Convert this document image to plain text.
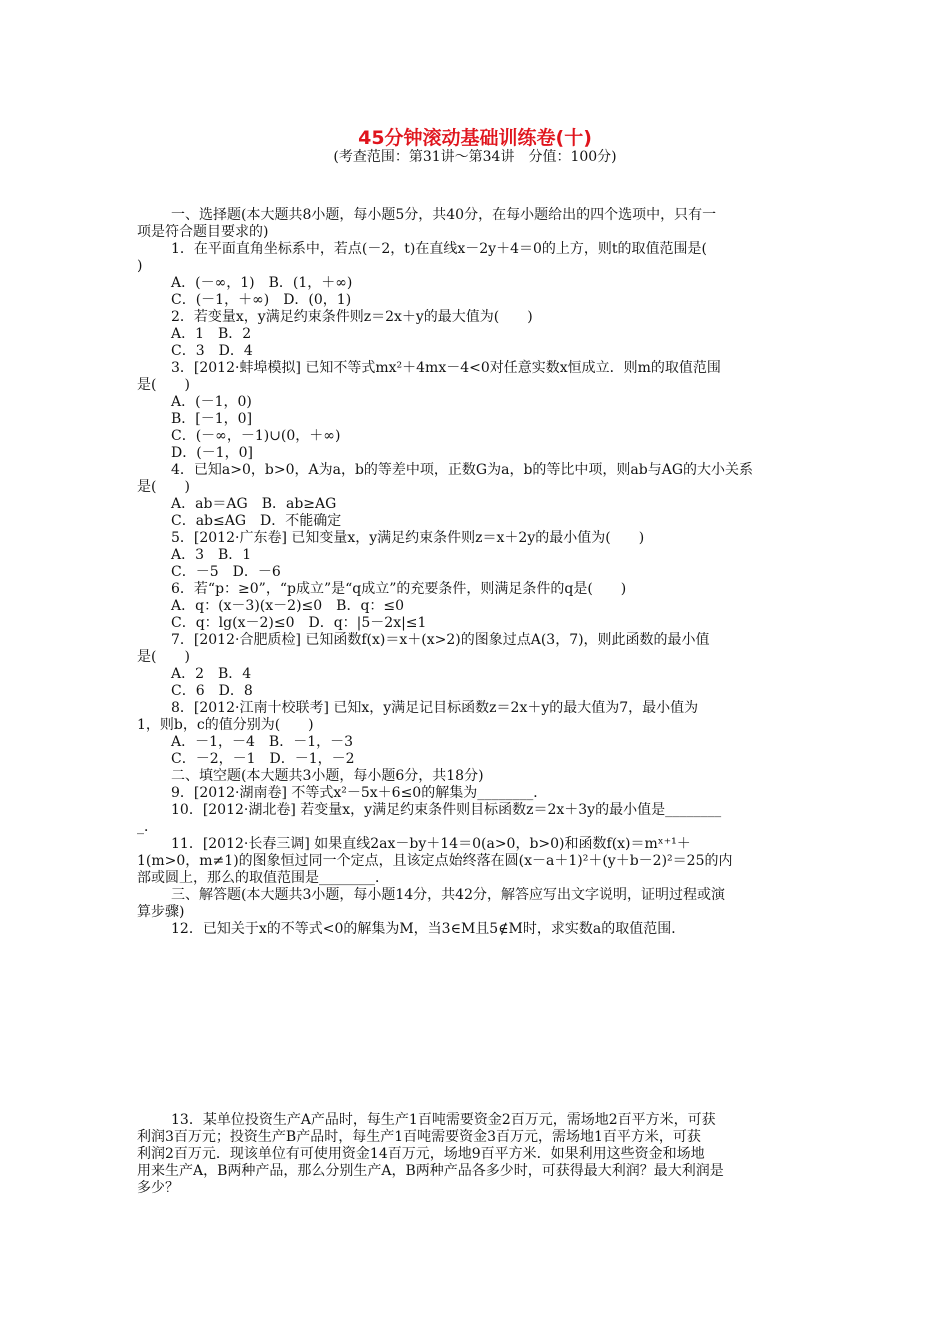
45分钟滚动基础训练卷(十)
(考查范围：第31讲～第34讲　分值：100分)
一、选择题(本大题共8小题，每小题5分，共40分，在每小题给出的四个选项中，只有一
项是符合题目要求的)
1．在平面直角坐标系中，若点(－2，t)在直线x－2y＋4＝0的上方，则t的取值范围是(
)
A．(－∞，1)　B．(1，＋∞)
C．(－1，＋∞)　D．(0，1)
2．若变量x，y满足约束条件则z＝2x＋y的最大值为(　　)
A．1　B．2
C．3　D．4
3．[2012·蚌埠模拟] 已知不等式mx²＋4mx－4<0对任意实数x恒成立．则m的取值范围
是(　　)
A．(－1，0)
B．[－1，0]
C．(－∞，－1)∪(0，＋∞)
D．(－1，0]
4．已知a>0，b>0，A为a，b的等差中项，正数G为a，b的等比中项，则ab与AG的大小关系
是(　　)
A．ab＝AG　B．ab≥AG
C．ab≤AG　D．不能确定
5．[2012·广东卷] 已知变量x，y满足约束条件则z＝x＋2y的最小值为(　　)
A．3　B．1
C．－5　D．－6
6．若“p：≥0”，“p成立”是“q成立”的充要条件，则满足条件的q是(　　)
A．q：(x－3)(x－2)≤0　B．q：≤0
C．q：lg(x－2)≤0　D．q：|5－2x|≤1
7．[2012·合肥质检] 已知函数f(x)＝x＋(x>2)的图象过点A(3，7)，则此函数的最小值
是(　　)
A．2　B．4
C．6　D．8
8．[2012·江南十校联考] 已知x，y满足记目标函数z＝2x＋y的最大值为7，最小值为
1，则b，c的值分别为(　　)
A．－1，－4　B．－1，－3
C．－2，－1　D．－1，－2
二、填空题(本大题共3小题，每小题6分，共18分)
9．[2012·湖南卷] 不等式x²－5x＋6≤0的解集为________．
10．[2012·湖北卷] 若变量x，y满足约束条件则目标函数z＝2x＋3y的最小值是________
_．
11．[2012·长春三调] 如果直线2ax－by＋14＝0(a>0，b>0)和函数f(x)＝mˣ⁺¹＋
1(m>0，m≠1)的图象恒过同一个定点，且该定点始终落在圆(x－a＋1)²＋(y＋b－2)²＝25的内
部或圆上，那么的取值范围是________．
三、解答题(本大题共3小题，每小题14分，共42分，解答应写出文字说明，证明过程或演
算步骤)
12．已知关于x的不等式<0的解集为M，当3∈M且5∉M时，求实数a的取值范围．
13．某单位投资生产A产品时，每生产1百吨需要资金2百万元，需场地2百平方米，可获
利润3百万元；投资生产B产品时，每生产1百吨需要资金3百万元，需场地1百平方米，可获
利润2百万元．现该单位有可使用资金14百万元，场地9百平方米．如果利用这些资金和场地
用来生产A，B两种产品，那么分别生产A，B两种产品各多少时，可获得最大利润？最大利润是
多少？
